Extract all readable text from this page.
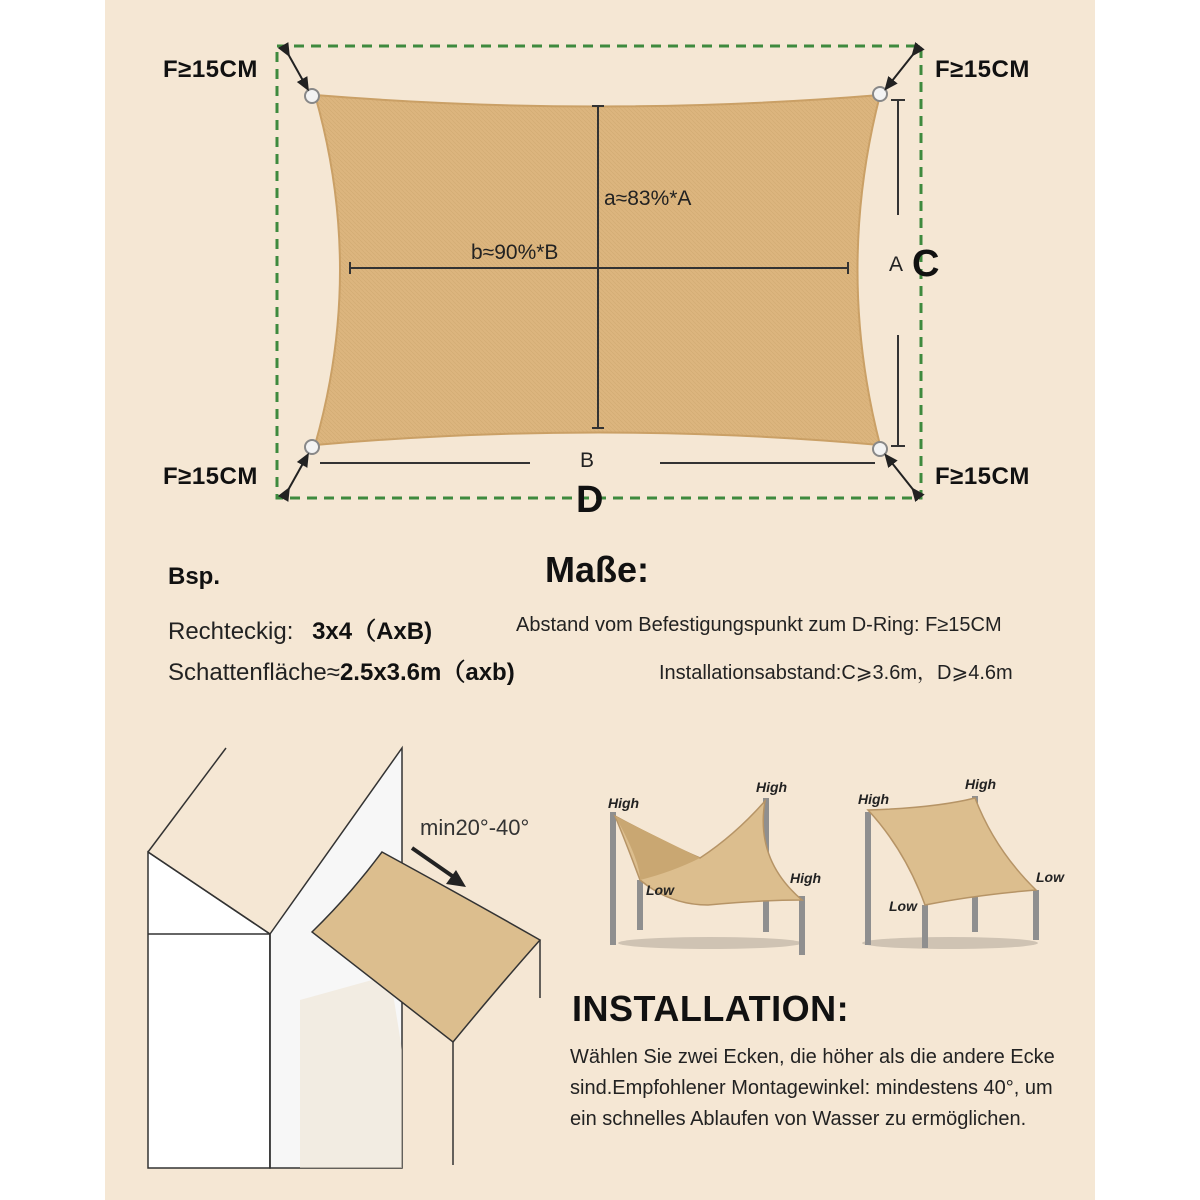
F≥15CM	F≥15CM
F≥15CM	F≥15CM
a≈83%*A
b≈90%*B
A C
B
D
Bsp.	Maße:
Rechteckig: 3x4（AxB)
Schattenfläche≈2.5x3.6m（axb)
Abstand vom Befestigungspunkt zum D-Ring: F≥15CM
Installationsabstand:C⩾3.6m，D⩾4.6m
min20°-40°
High
High
High
Low
High
High
Low
Low
INSTALLATION:
Wählen Sie zwei Ecken, die höher als die andere Ecke sind.Empfohlener Montagewinkel: mindestens 40°, um ein schnelles Ablaufen von Wasser zu ermöglichen.
